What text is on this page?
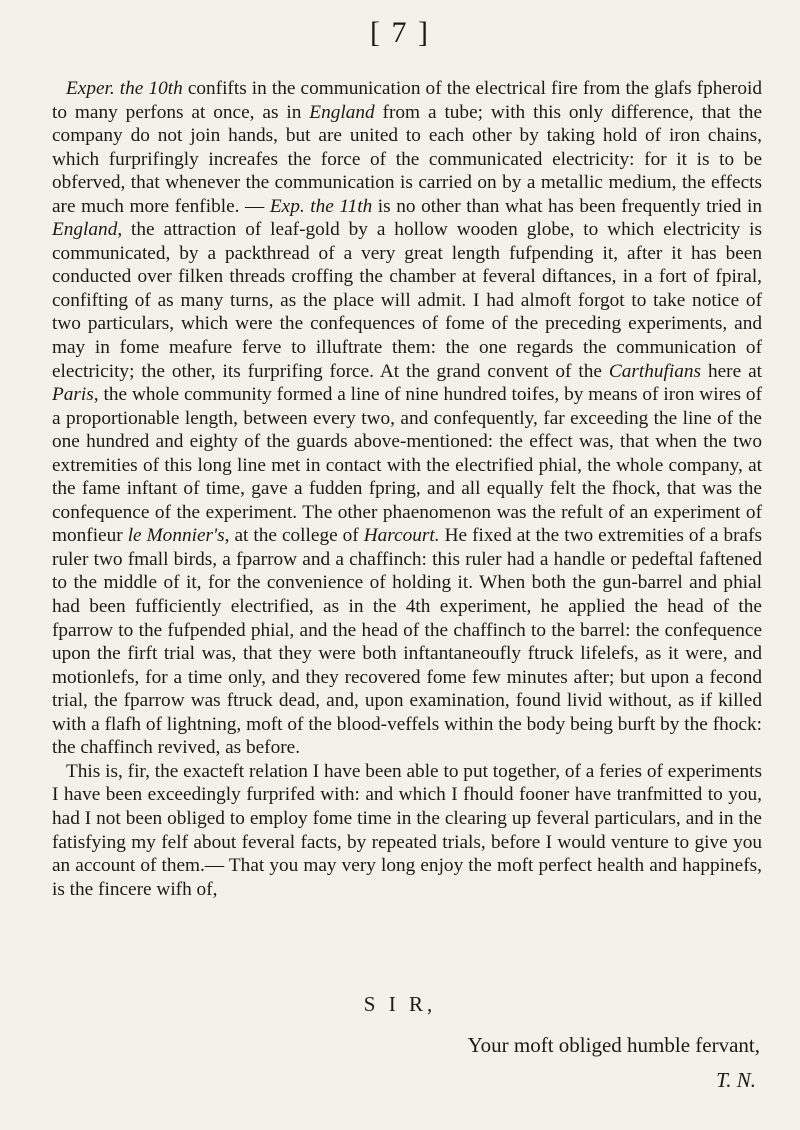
[ 7 ]

Exper. the 10th confifts in the communication of the electrical fire from the glafs fpheroid to many perfons at once, as in England from a tube; with this only difference, that the company do not join hands, but are united to each other by taking hold of iron chains, which furprifingly increafes the force of the communicated electricity: for it is to be obferved, that whenever the communication is carried on by a metallic medium, the effects are much more fenfible. — Exp. the 11th is no other than what has been frequently tried in England, the attraction of leaf-gold by a hollow wooden globe, to which electricity is communicated, by a packthread of a very great length fufpending it, after it has been conducted over filken threads croffing the chamber at feveral diftances, in a fort of fpiral, confifting of as many turns, as the place will admit. I had almoft forgot to take notice of two particulars, which were the confequences of fome of the preceding experiments, and may in fome meafure ferve to illuftrate them: the one regards the communication of electricity; the other, its furprifing force. At the grand convent of the Carthufians here at Paris, the whole community formed a line of nine hundred toifes, by means of iron wires of a proportionable length, between every two, and confequently, far exceeding the line of the one hundred and eighty of the guards above-mentioned: the effect was, that when the two extremities of this long line met in contact with the electrified phial, the whole company, at the fame inftant of time, gave a fudden fpring, and all equally felt the fhock, that was the confequence of the experiment. The other phaenomenon was the refult of an experiment of monfieur le Monnier's, at the college of Harcourt. He fixed at the two extremities of a brafs ruler two fmall birds, a fparrow and a chaffinch: this ruler had a handle or pedeftal faftened to the middle of it, for the convenience of holding it. When both the gun-barrel and phial had been fufficiently electrified, as in the 4th experiment, he applied the head of the fparrow to the fufpended phial, and the head of the chaffinch to the barrel: the confequence upon the firft trial was, that they were both inftantaneoufly ftruck lifelefs, as it were, and motionlefs, for a time only, and they recovered fome few minutes after; but upon a fecond trial, the fparrow was ftruck dead, and, upon examination, found livid without, as if killed with a flafh of lightning, moft of the blood-veffels within the body being burft by the fhock: the chaffinch revived, as before.

This is, fir, the exacteft relation I have been able to put together, of a feries of experiments I have been exceedingly furprifed with: and which I fhould fooner have tranfmitted to you, had I not been obliged to employ fome time in the clearing up feveral particulars, and in the fatisfying my felf about feveral facts, by repeated trials, before I would venture to give you an account of them.— That you may very long enjoy the moft perfect health and happinefs, is the fincere wifh of,

S I R,
Your moft obliged humble fervant,
T. N.
